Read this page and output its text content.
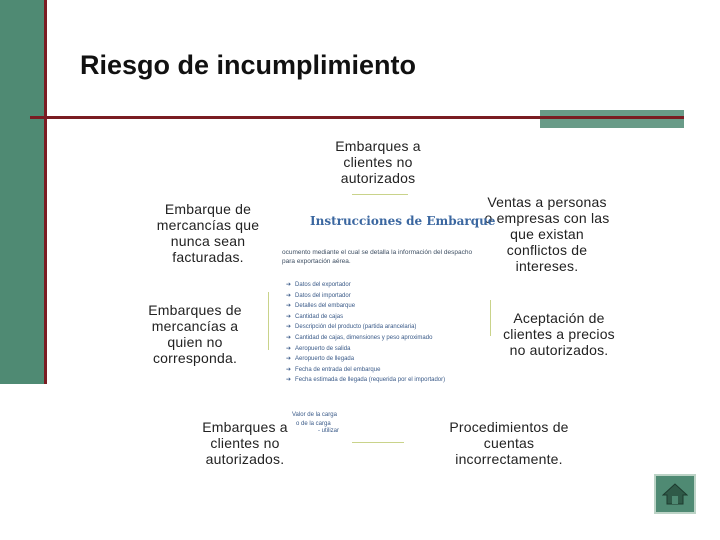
Riesgo de incumplimiento
Embarques a clientes no autorizados
Embarque de mercancías que nunca sean facturadas.
Embarques de mercancías a quien no corresponda.
Embarques a clientes no autorizados.
Ventas a personas o empresas con las que existan conflictos de intereses.
Aceptación de clientes a precios no autorizados.
Procedimientos de cuentas incorrectamente.
Instrucciones de Embarque
ocumento mediante el cual se detalla la información del despacho para exportación aérea.
➔ Datos del exportador
➔ Datos del importador
➔ Detalles del embarque
➔ Cantidad de cajas
➔ Descripción del producto (partida arancelaria)
➔ Cantidad de cajas, dimensiones y peso aproximado
➔ Aeropuerto de salida
➔ Aeropuerto de llegada
➔ Fecha de entrada del embarque
➔ Fecha estimada de llegada (requerida por el importador)
Valor de la carga
o de la carga
- utilizar
